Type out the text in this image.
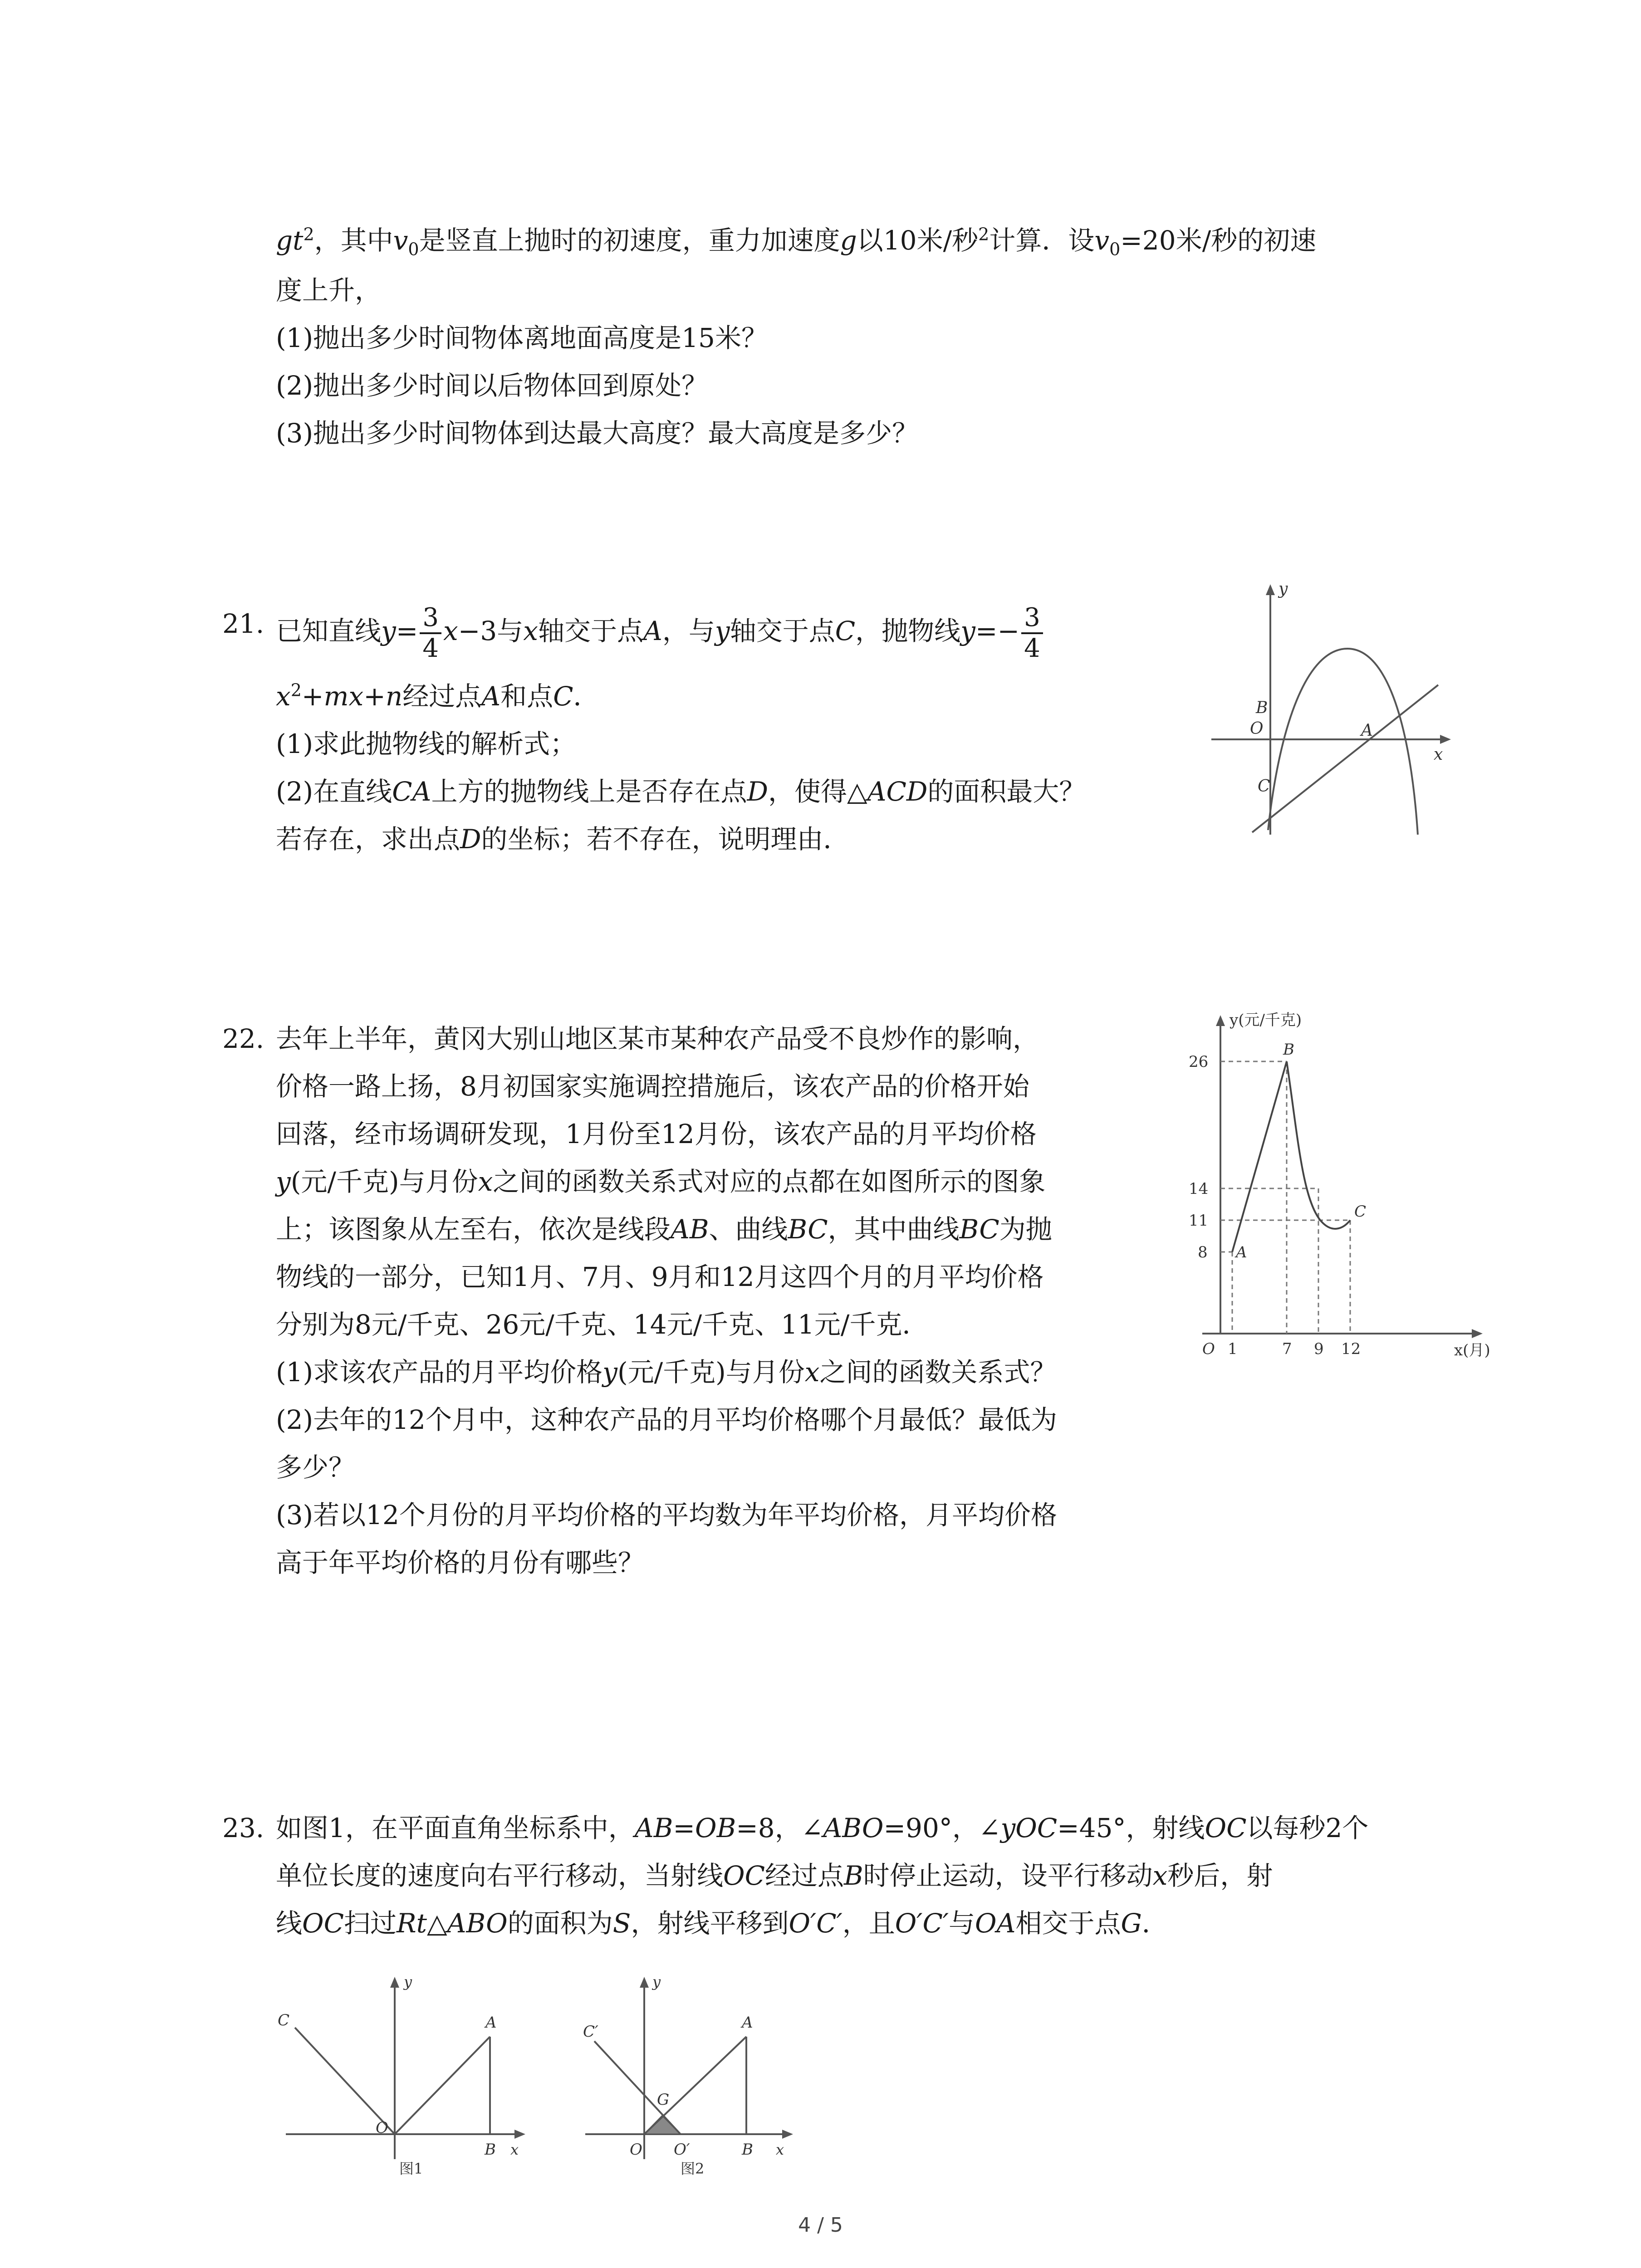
$gt^2$，其中$v_0$是竖直上抛时的初速度，重力加速度g以10米/秒$^2$计算．设$v_0=20$米/秒的初速
度上升，
(1)抛出多少时间物体离地面高度是15米？
(2)抛出多少时间以后物体回到原处？
(3)抛出多少时间物体到达最大高度？最大高度是多少？
21. 已知直线$y= \frac{3}{4} x-3$与x轴交于点A，与y轴交于点C，抛物线$y=- \frac{3}{4}$
$x^2+mx+n$经过点A和点C．
(1)求此抛物线的解析式；
(2)在直线CA上方的抛物线上是否存在点D，使得△ACD的面积最大？
若存在，求出点D的坐标；若不存在，说明理由．
y
x
O
B
A
C
22. 去年上半年，黄冈大别山地区某市某种农产品受不良炒作的影响，
价格一路上扬，8月初国家实施调控措施后，该农产品的价格开始
回落，经市场调研发现，1月份至12月份，该农产品的月平均价格
y(元/千克)与月份x之间的函数关系式对应的点都在如图所示的图象
上；该图象从左至右，依次是线段AB、曲线BC，其中曲线BC为抛
物线的一部分，已知1月、7月、9月和12月这四个月的月平均价格
分别为8元/千克、26元/千克、14元/千克、11元/千克．
(1)求该农产品的月平均价格y(元/千克)与月份x之间的函数关系式？
(2)去年的12个月中，这种农产品的月平均价格哪个月最低？最低为
多少？
(3)若以12个月份的月平均价格的平均数为年平均价格，月平均价格
高于年平均价格的月份有哪些？
y(元/千克)
x(月)
O
26
14
11
8
1	7 9 12
A
B
C
23. 如图1，在平面直角坐标系中，AB=OB=8，∠ABO=90°，∠yOC=45°，射线OC以每秒2个
单位长度的速度向右平行移动，当射线OC经过点B时停止运动，设平行移动x秒后，射
线OC扫过Rt△ABO的面积为S，射线平移到O′C′，且O′C′与OA相交于点G．
C
y
A
O
B x
图1
C′
y
A
G
O O′	B x
图2
4 / 5
